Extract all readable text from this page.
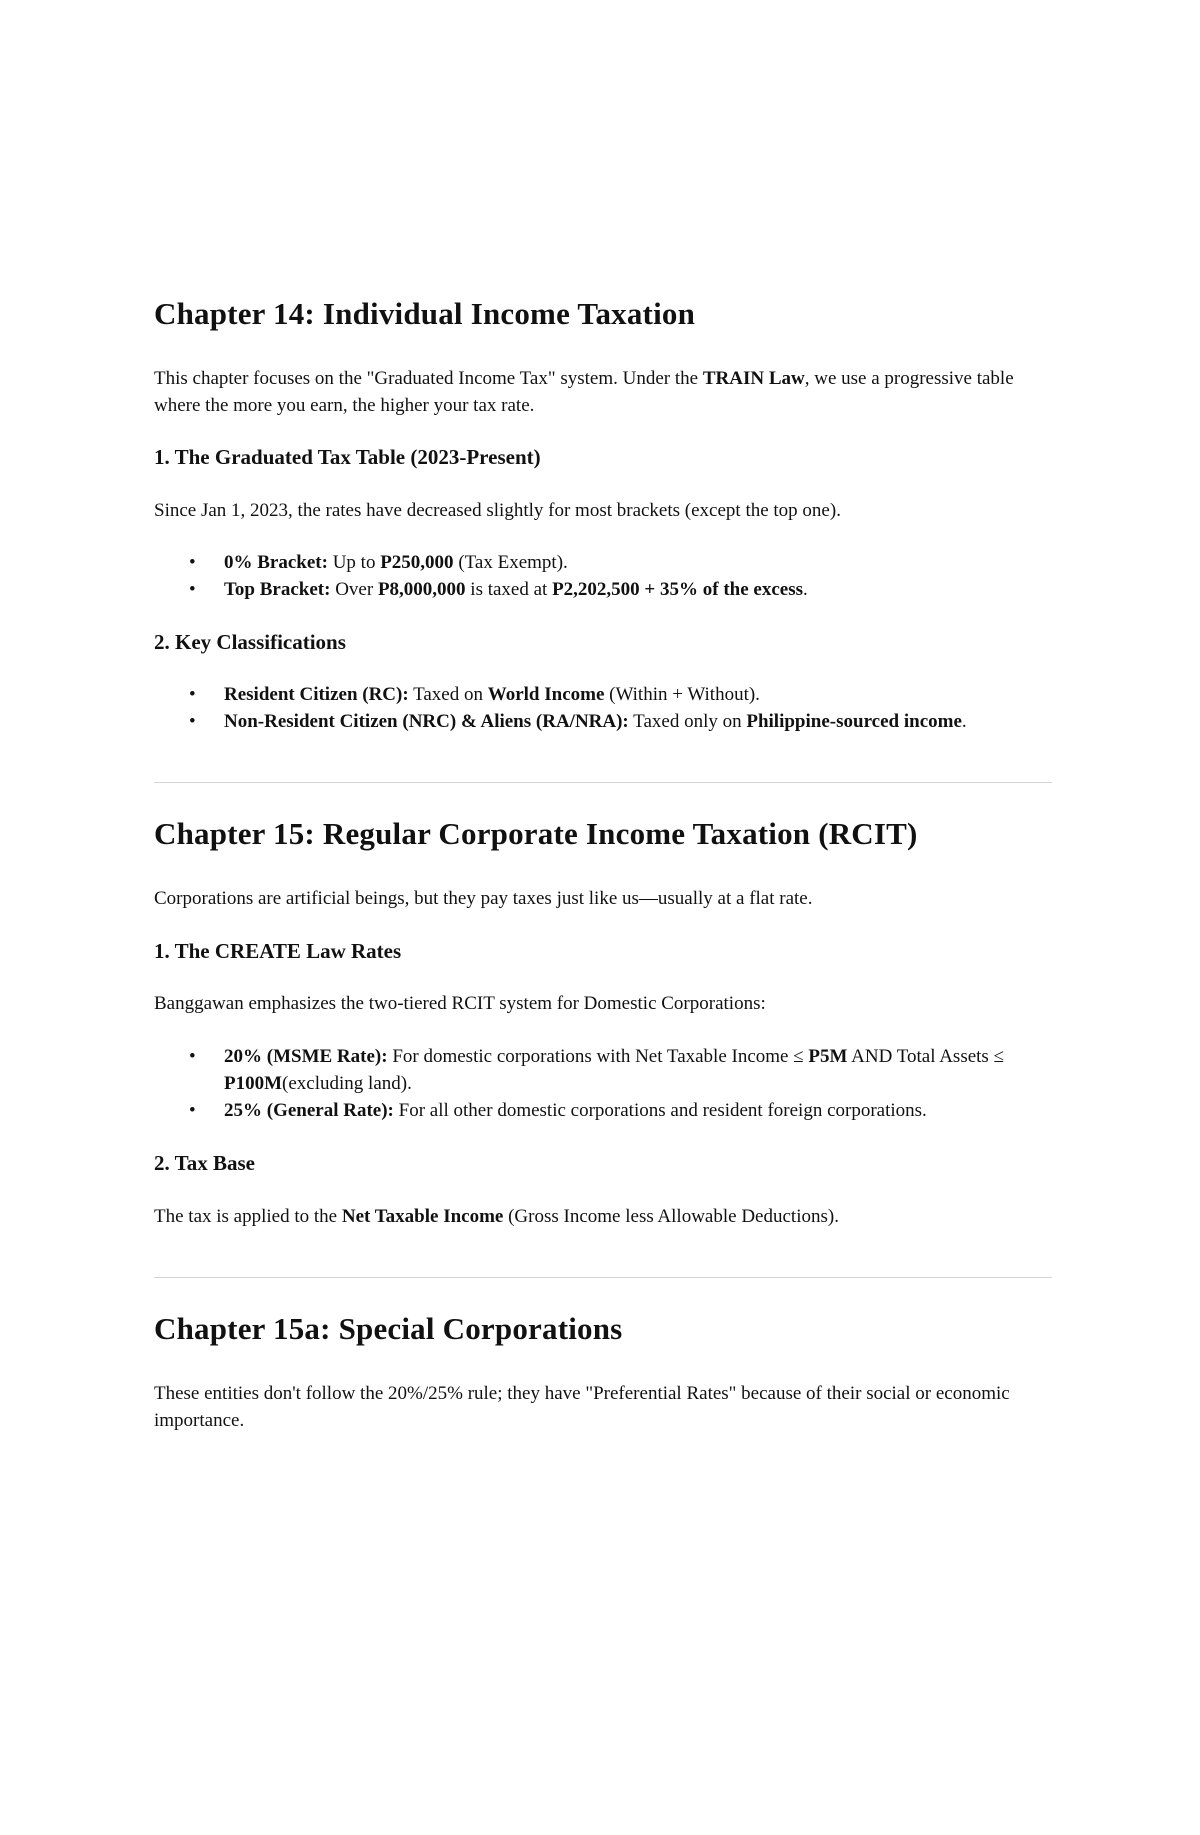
Chapter 14: Individual Income Taxation

This chapter focuses on the "Graduated Income Tax" system. Under the TRAIN Law, we use a progressive table where the more you earn, the higher your tax rate.

1. The Graduated Tax Table (2023-Present)

Since Jan 1, 2023, the rates have decreased slightly for most brackets (except the top one).

• 0% Bracket: Up to P250,000 (Tax Exempt).
• Top Bracket: Over P8,000,000 is taxed at P2,202,500 + 35% of the excess.
2. Key Classifications
• Resident Citizen (RC): Taxed on World Income (Within + Without).
• Non-Resident Citizen (NRC) & Aliens (RA/NRA): Taxed only on Philippine-sourced income.
Chapter 15: Regular Corporate Income Taxation (RCIT)

Corporations are artificial beings, but they pay taxes just like us—usually at a flat rate.

1. The CREATE Law Rates

Banggawan emphasizes the two-tiered RCIT system for Domestic Corporations:

• 20% (MSME Rate): For domestic corporations with Net Taxable Income ≤ P5M AND Total Assets ≤ P100M(excluding land).
• 25% (General Rate): For all other domestic corporations and resident foreign corporations.
2. Tax Base

The tax is applied to the Net Taxable Income (Gross Income less Allowable Deductions).

Chapter 15a: Special Corporations

These entities don't follow the 20%/25% rule; they have "Preferential Rates" because of their social or economic importance.
